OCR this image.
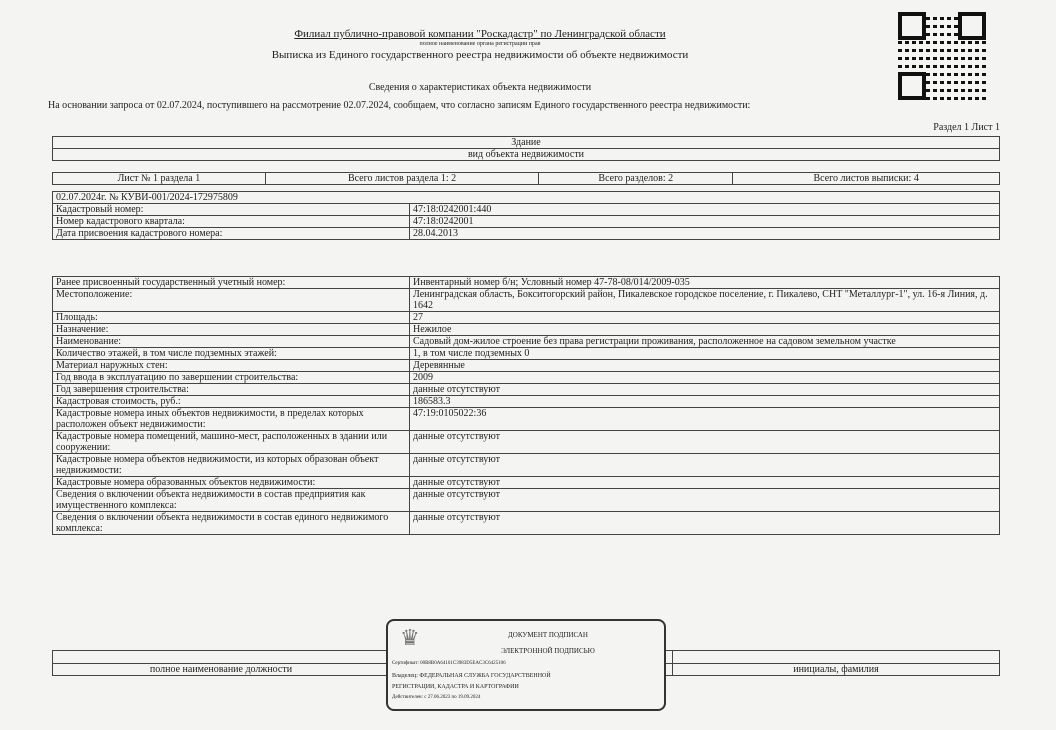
Филиал публично-правовой компании "Роскадастр" по Ленинградской области
полное наименование органа регистрации прав
Выписка из Единого государственного реестра недвижимости об объекте недвижимости
Сведения о характеристиках объекта недвижимости
На основании запроса от 02.07.2024, поступившего на рассмотрение 02.07.2024, сообщаем, что согласно записям Единого государственного реестра недвижимости:
Раздел 1 Лист 1
Здание
вид объекта недвижимости
Лист № 1 раздела 1	Всего листов раздела 1: 2	Всего разделов: 2	Всего листов выписки: 4
02.07.2024г. № КУВИ-001/2024-172975809	
Кадастровый номер:	47:18:0242001:440
Номер кадастрового квартала:	47:18:0242001
Дата присвоения кадастрового номера:	28.04.2013
Ранее присвоенный государственный учетный номер:	Инвентарный номер б/н; Условный номер 47-78-08/014/2009-035
Местоположение:	Ленинградская область, Бокситогорский район, Пикалевское городское поселение, г. Пикалево, СНТ "Металлург-1", ул. 16-я Линия, д. 1642
Площадь:	27
Назначение:	Нежилое
Наименование:	Садовый дом-жилое строение без права регистрации проживания, расположенное на садовом земельном участке
Количество этажей, в том числе подземных этажей:	1, в том числе подземных 0
Материал наружных стен:	Деревянные
Год ввода в эксплуатацию по завершении строительства:	2009
Год завершения строительства:	данные отсутствуют
Кадастровая стоимость, руб.:	186583.3
Кадастровые номера иных объектов недвижимости, в пределах которых расположен объект недвижимости:	47:19:0105022:36
Кадастровые номера помещений, машино-мест, расположенных в здании или сооружении:	данные отсутствуют
Кадастровые номера объектов недвижимости, из которых образован объект недвижимости:	данные отсутствуют
Кадастровые номера образованных объектов недвижимости:	данные отсутствуют
Сведения о включении объекта недвижимости в состав предприятия как имущественного комплекса:	данные отсутствуют
Сведения о включении объекта недвижимости в состав единого недвижимого комплекса:	данные отсутствуют

полное наименование должности		инициалы, фамилия
♛	ДОКУМЕНТ ПОДПИСАН
ЭЛЕКТРОННОЙ ПОДПИСЬЮ
Сертификат: 00B8B0A64161C3983D5EAC3C6425106
Владелец: ФЕДЕРАЛЬНАЯ СЛУЖБА ГОСУДАРСТВЕННОЙ
РЕГИСТРАЦИИ, КАДАСТРА И КАРТОГРАФИИ
Действителен: с 27.06.2023 по 19.09.2024
